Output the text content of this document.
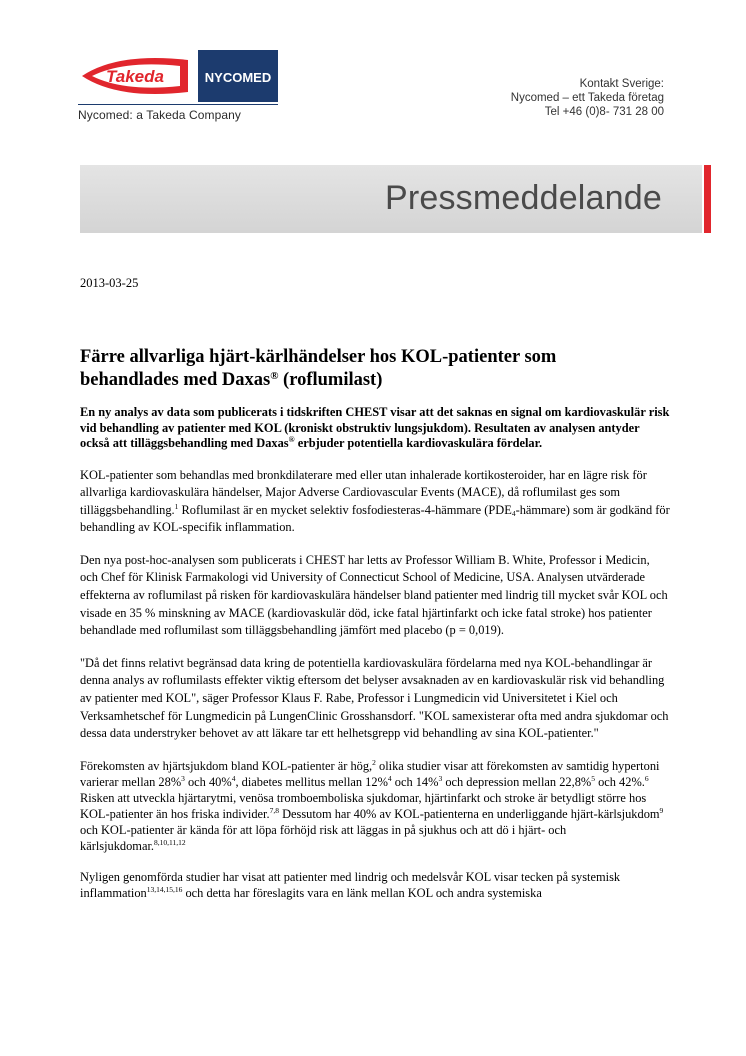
Takeda	NYCOMED
Nycomed: a Takeda Company
Kontakt Sverige:
Nycomed – ett Takeda företag
Tel +46 (0)8- 731 28 00
Pressmeddelande
2013-03-25
Färre allvarliga hjärt-kärlhändelser hos KOL-patienter som
behandlades med Daxas® (roflumilast)

En ny analys av data som publicerats i tidskriften CHEST visar att det saknas en signal om kardiovaskulär risk vid behandling av patienter med KOL (kroniskt obstruktiv lungsjukdom). Resultaten av analysen antyder också att tilläggsbehandling med Daxas® erbjuder potentiella kardiovaskulära fördelar.

KOL-patienter som behandlas med bronkdilaterare med eller utan inhalerade kortikosteroider, har en lägre risk för allvarliga kardiovaskulära händelser, Major Adverse Cardiovascular Events (MACE), då roflumilast ges som tilläggsbehandling.$^1$ Roflumilast är en mycket selektiv fosfodiesteras-4-hämmare $(PDE_4-hämmare)$ som är godkänd för behandling av KOL-specifik inflammation.

Den nya post-hoc-analysen som publicerats i CHEST har letts av Professor William B. White, Professor i Medicin, och Chef för Klinisk Farmakologi vid University of Connecticut School of Medicine, USA. Analysen utvärderade effekterna av roflumilast på risken för kardiovaskulära händelser bland patienter med lindrig till mycket svår KOL och visade en 35 % minskning av MACE (kardiovaskulär död, icke fatal hjärtinfarkt och icke fatal stroke) hos patienter behandlade med roflumilast som tilläggsbehandling jämfört med placebo (p = 0,019).

"Då det finns relativt begränsad data kring de potentiella kardiovaskulära fördelarna med nya KOL-behandlingar är denna analys av roflumilasts effekter viktig eftersom det belyser avsaknaden av en kardiovaskulär risk vid behandling av patienter med KOL", säger Professor Klaus F. Rabe, Professor i Lungmedicin vid Universitetet i Kiel och Verksamhetschef för Lungmedicin på LungenClinic Grosshansdorf. "KOL samexisterar ofta med andra sjukdomar och dessa data understryker behovet av att läkare tar ett helhetsgrepp vid behandling av sina KOL-patienter."

Förekomsten av hjärtsjukdom bland KOL-patienter är hög,$^2$ olika studier visar att förekomsten av samtidig hypertoni varierar mellan 28%$^3$ och 40%$^4$, diabetes mellitus mellan 12%$^4$ och 14%$^3$ och depression mellan 22,8%$^5$ och 42%.$^6$ Risken att utveckla hjärtarytmi, venösa tromboemboliska sjukdomar, hjärtinfarkt och stroke är betydligt större hos KOL-patienter än hos friska individer.$^{7,8}$ Dessutom har 40% av KOL-patienterna en underliggande hjärt-kärlsjukdom$^9$ och KOL-patienter är kända för att löpa förhöjd risk att läggas in på sjukhus och att dö i hjärt- och kärlsjukdomar.$^{8,10,11,12}$

Nyligen genomförda studier har visat att patienter med lindrig och medelsvår KOL visar tecken på systemisk inflammation$^{13,14,15,16}$ och detta har föreslagits vara en länk mellan KOL och andra systemiska
